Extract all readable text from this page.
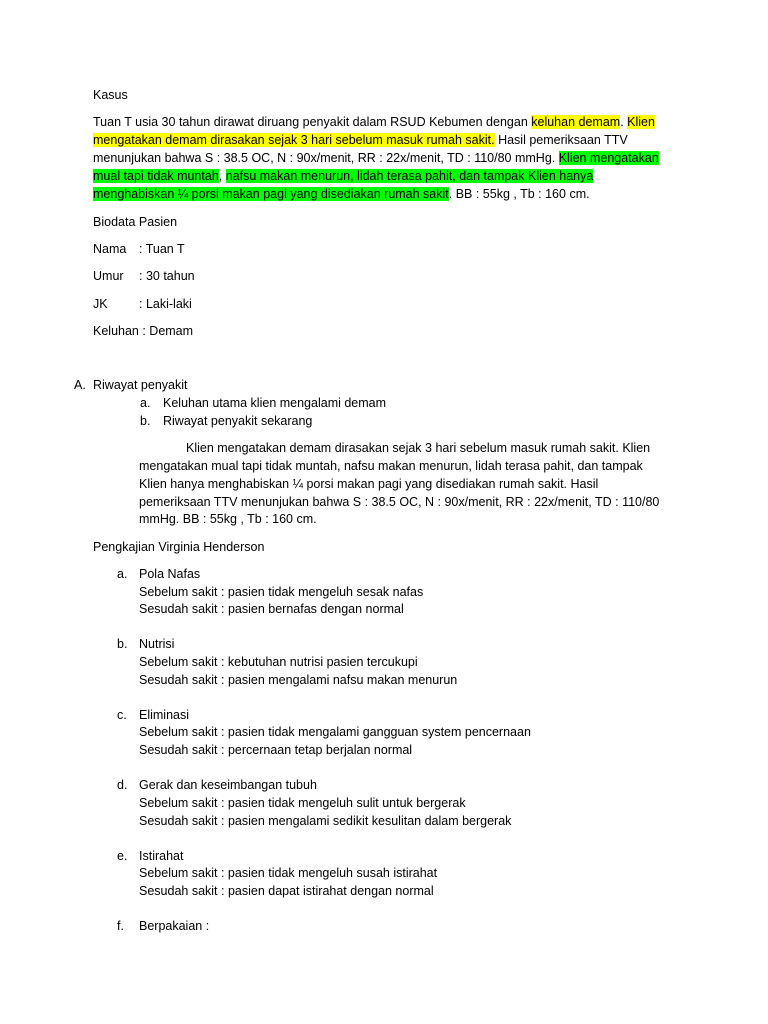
Kasus
Tuan T usia 30 tahun dirawat diruang penyakit dalam RSUD Kebumen dengan keluhan demam. Klien
mengatakan demam dirasakan sejak 3 hari sebelum masuk rumah sakit. Hasil pemeriksaan TTV
menunjukan bahwa S : 38.5 OC, N : 90x/menit, RR : 22x/menit, TD : 110/80 mmHg. Klien mengatakan
mual tapi tidak muntah, nafsu makan menurun, lidah terasa pahit, dan tampak Klien hanya
menghabiskan ¼ porsi makan pagi yang disediakan rumah sakit. BB : 55kg , Tb : 160 cm.
Biodata Pasien
Nama : Tuan T
Umur : 30 tahun
JK	: Laki-laki
Keluhan : Demam
A. Riwayat penyakit
a. Keluhan utama klien mengalami demam
b. Riwayat penyakit sekarang
Klien mengatakan demam dirasakan sejak 3 hari sebelum masuk rumah sakit. Klien
mengatakan mual tapi tidak muntah, nafsu makan menurun, lidah terasa pahit, dan tampak
Klien hanya menghabiskan ¼ porsi makan pagi yang disediakan rumah sakit. Hasil
pemeriksaan TTV menunjukan bahwa S : 38.5 OC, N : 90x/menit, RR : 22x/menit, TD : 110/80
mmHg. BB : 55kg , Tb : 160 cm.
Pengkajian Virginia Henderson
a. Pola Nafas
Sebelum sakit : pasien tidak mengeluh sesak nafas
Sesudah sakit : pasien bernafas dengan normal
b. Nutrisi
Sebelum sakit : kebutuhan nutrisi pasien tercukupi
Sesudah sakit : pasien mengalami nafsu makan menurun
c. Eliminasi
Sebelum sakit : pasien tidak mengalami gangguan system pencernaan
Sesudah sakit : percernaan tetap berjalan normal
d. Gerak dan keseimbangan tubuh
Sebelum sakit : pasien tidak mengeluh sulit untuk bergerak
Sesudah sakit : pasien mengalami sedikit kesulitan dalam bergerak
e. Istirahat
Sebelum sakit : pasien tidak mengeluh susah istirahat
Sesudah sakit : pasien dapat istirahat dengan normal
f. Berpakaian :
